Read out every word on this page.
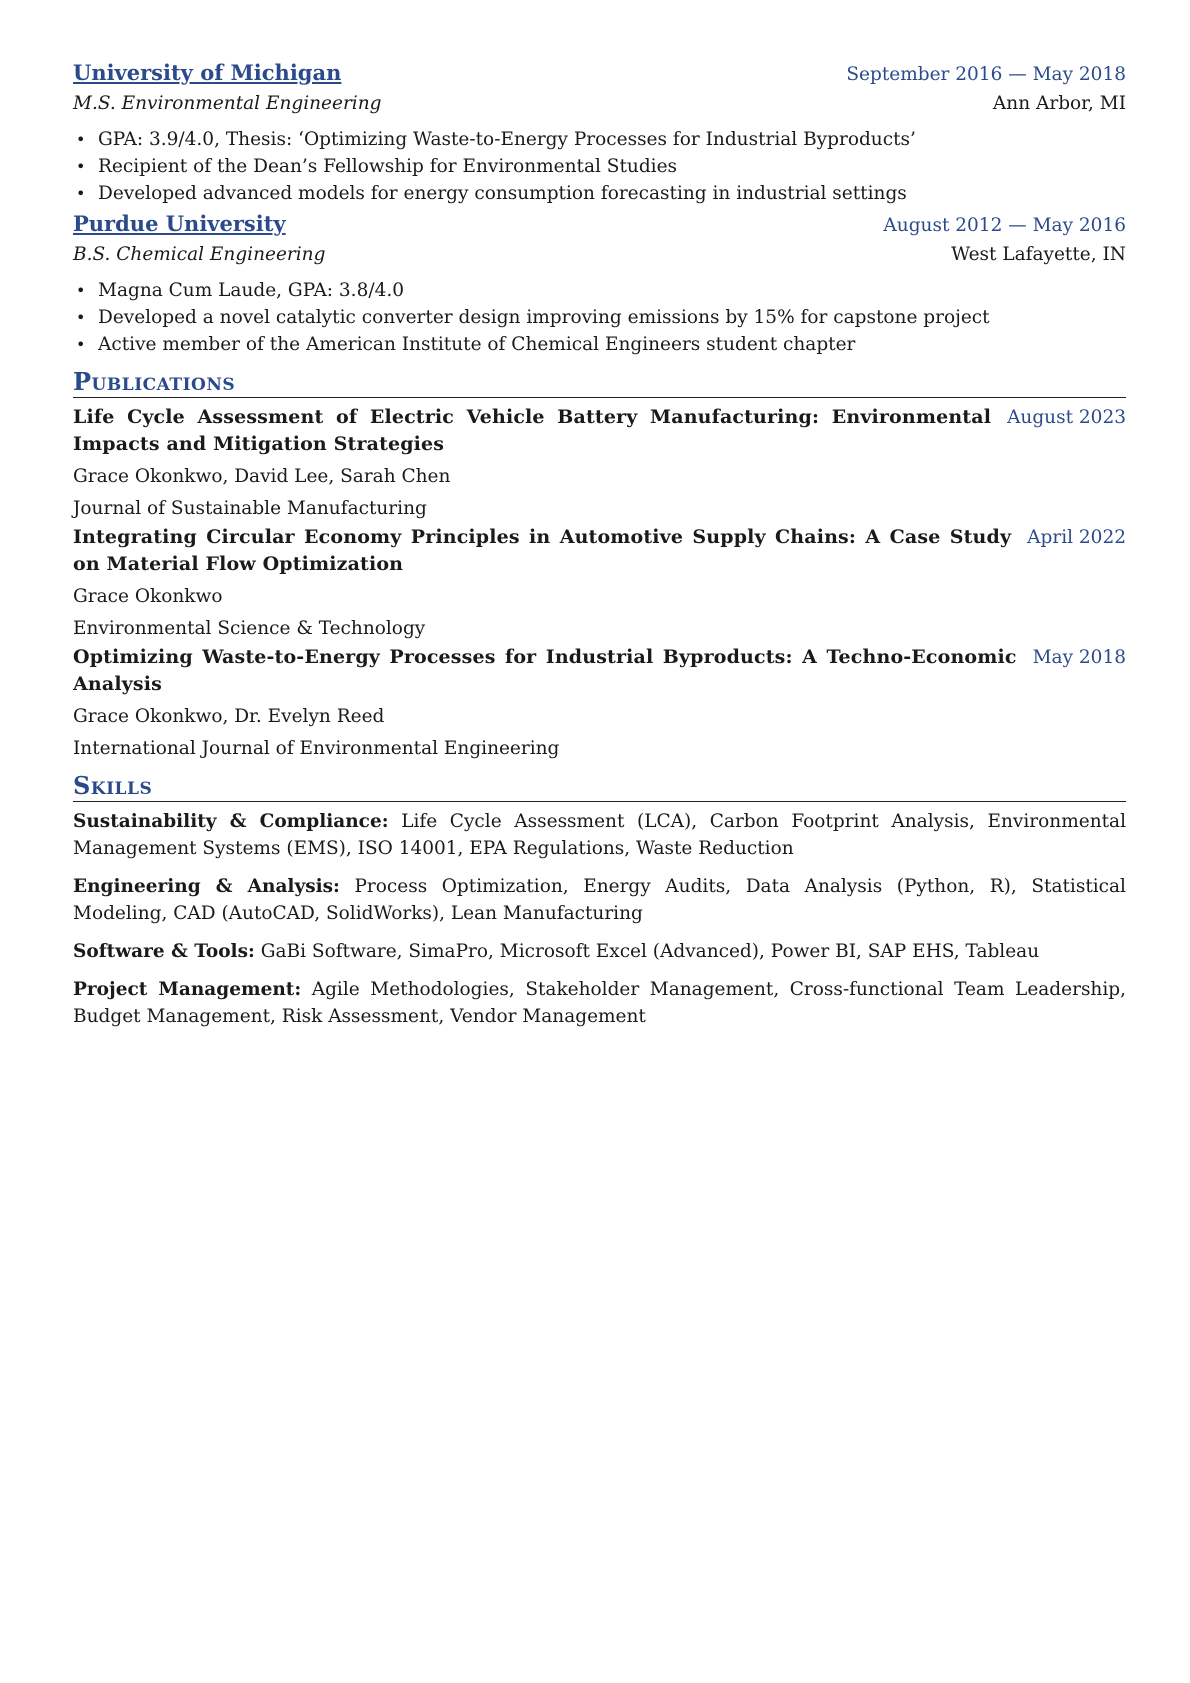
University of Michigan	September 2016 — May 2018
M.S. Environmental Engineering	Ann Arbor, MI
• GPA: 3.9/4.0, Thesis: ‘Optimizing Waste-to-Energy Processes for Industrial Byproducts’
• Recipient of the Dean’s Fellowship for Environmental Studies
• Developed advanced models for energy consumption forecasting in industrial settings
Purdue University	August 2012 — May 2016
B.S. Chemical Engineering	West Lafayette, IN
• Magna Cum Laude, GPA: 3.8/4.0
• Developed a novel catalytic converter design improving emissions by 15% for capstone project
• Active member of the American Institute of Chemical Engineers student chapter
Publications
Life Cycle Assessment of Electric Vehicle Battery Manufacturing: Environmental Impacts and Mitigation Strategies
August 2023
Grace Okonkwo, David Lee, Sarah Chen
Journal of Sustainable Manufacturing
Integrating Circular Economy Principles in Automotive Supply Chains: A Case Study on Material Flow Optimization
April 2022
Grace Okonkwo
Environmental Science & Technology
Optimizing Waste-to-Energy Processes for Industrial Byproducts: A Techno-Economic Analysis
May 2018
Grace Okonkwo, Dr. Evelyn Reed
International Journal of Environmental Engineering
Skills
Sustainability & Compliance: Life Cycle Assessment (LCA), Carbon Footprint Analysis, Environmental Management Systems (EMS), ISO 14001, EPA Regulations, Waste Reduction
Engineering & Analysis: Process Optimization, Energy Audits, Data Analysis (Python, R), Statistical Modeling, CAD (AutoCAD, SolidWorks), Lean Manufacturing
Software & Tools: GaBi Software, SimaPro, Microsoft Excel (Advanced), Power BI, SAP EHS, Tableau
Project Management: Agile Methodologies, Stakeholder Management, Cross-functional Team Leadership, Budget Management, Risk Assessment, Vendor Management
